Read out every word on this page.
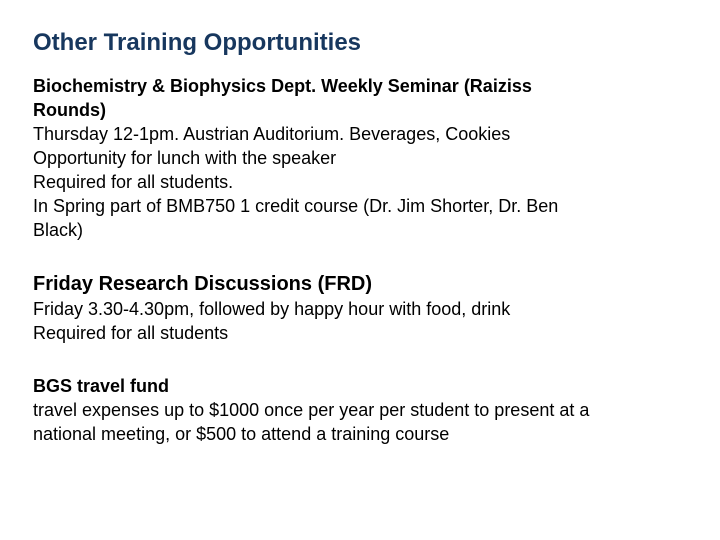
Other Training Opportunities
Biochemistry & Biophysics Dept. Weekly Seminar (Raiziss
Rounds)
Thursday 12-1pm. Austrian Auditorium. Beverages, Cookies
Opportunity for lunch with the speaker
Required for all students.
In Spring part of BMB750 1 credit course (Dr. Jim Shorter, Dr. Ben
Black)
Friday Research Discussions (FRD)
Friday 3.30-4.30pm, followed by happy hour with food, drink
Required for all students
BGS travel fund
travel expenses up to $1000 once per year per student to present at a
national meeting, or $500 to attend a training course
